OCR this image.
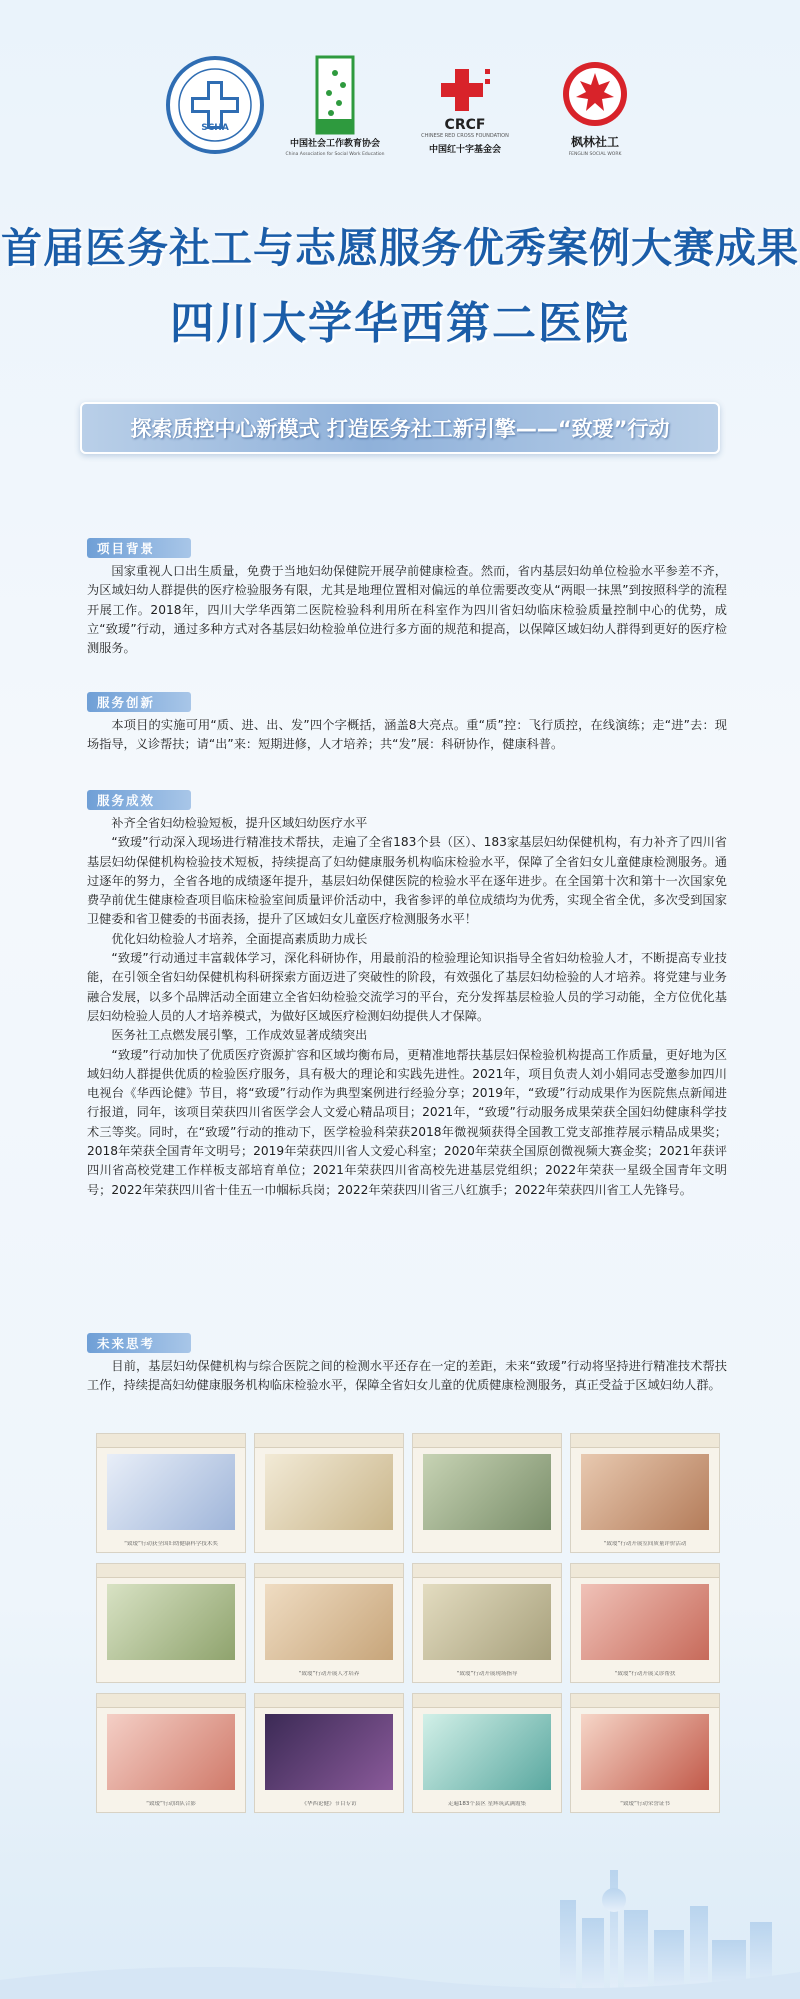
SCHA
中国社会工作教育协会
China Association for Social Work Education
CRCF
CHINESE RED CROSS FOUNDATION
中国红十字基金会
枫林社工
FENGLIN SOCIAL WORK
首届医务社工与志愿服务优秀案例大赛成果
四川大学华西第二医院
探索质控中心新模式 打造医务社工新引擎——“致瑷”行动
项目背景

国家重视人口出生质量，免费于当地妇幼保健院开展孕前健康检查。然而，省内基层妇幼单位检验水平参差不齐，为区域妇幼人群提供的医疗检验服务有限，尤其是地理位置相对偏远的单位需要改变从“两眼一抹黑”到按照科学的流程开展工作。2018年，四川大学华西第二医院检验科利用所在科室作为四川省妇幼临床检验质量控制中心的优势，成立“致瑷”行动，通过多种方式对各基层妇幼检验单位进行多方面的规范和提高，以保障区域妇幼人群得到更好的医疗检测服务。

服务创新

本项目的实施可用“质、进、出、发”四个字概括，涵盖8大亮点。重“质”控：飞行质控，在线演练；走“进”去：现场指导，义诊帮扶；请“出”来：短期进修，人才培养；共“发”展：科研协作，健康科普。

服务成效

补齐全省妇幼检验短板，提升区域妇幼医疗水平

“致瑷”行动深入现场进行精准技术帮扶，走遍了全省183个县（区）、183家基层妇幼保健机构，有力补齐了四川省基层妇幼保健机构检验技术短板，持续提高了妇幼健康服务机构临床检验水平，保障了全省妇女儿童健康检测服务。通过逐年的努力，全省各地的成绩逐年提升，基层妇幼保健医院的检验水平在逐年进步。在全国第十次和第十一次国家免费孕前优生健康检查项目临床检验室间质量评价活动中，我省参评的单位成绩均为优秀，实现全省全优，多次受到国家卫健委和省卫健委的书面表扬，提升了区域妇女儿童医疗检测服务水平！

优化妇幼检验人才培养，全面提高素质助力成长

“致瑷”行动通过丰富载体学习，深化科研协作，用最前沿的检验理论知识指导全省妇幼检验人才，不断提高专业技能，在引领全省妇幼保健机构科研探索方面迈进了突破性的阶段，有效强化了基层妇幼检验的人才培养。将党建与业务融合发展，以多个品牌活动全面建立全省妇幼检验交流学习的平台，充分发挥基层检验人员的学习动能，全方位优化基层妇幼检验人员的人才培养模式，为做好区域医疗检测妇幼提供人才保障。

医务社工点燃发展引擎，工作成效显著成绩突出

“致瑷”行动加快了优质医疗资源扩容和区域均衡布局，更精准地帮扶基层妇保检验机构提高工作质量，更好地为区域妇幼人群提供优质的检验医疗服务，具有极大的理论和实践先进性。2021年，项目负责人刘小娟同志受邀参加四川电视台《华西论健》节目，将“致瑷”行动作为典型案例进行经验分享；2019年，“致瑷”行动成果作为医院焦点新闻进行报道，同年，该项目荣获四川省医学会人文爱心精品项目；2021年，“致瑷”行动服务成果荣获全国妇幼健康科学技术三等奖。同时，在“致瑷”行动的推动下，医学检验科荣获2018年微视频获得全国教工党支部推荐展示精品成果奖；2018年荣获全国青年文明号；2019年荣获四川省人文爱心科室；2020年荣获全国原创微视频大赛金奖；2021年获评四川省高校党建工作样板支部培育单位；2021年荣获四川省高校先进基层党组织；2022年荣获一星级全国青年文明号；2022年荣获四川省十佳五一巾帼标兵岗；2022年荣获四川省三八红旗手；2022年荣获四川省工人先锋号。

未来思考

目前，基层妇幼保健机构与综合医院之间的检测水平还存在一定的差距，未来“致瑷”行动将坚持进行精准技术帮扶工作，持续提高妇幼健康服务机构临床检验水平，保障全省妇女儿童的优质健康检测服务，真正受益于区域妇幼人群。

“致瑷”行动获全国妇幼健康科学技术奖	“致瑷”行动开展室间质量评价活动
“致瑷”行动开展人才培养	“致瑷”行动开展现场指导	“致瑷”行动开展义诊帮扶
“致瑷”行动团队合影	《华西论健》节目专访	走遍183个县区 星辉筑武满霞集	“致瑷”行动荣誉证书
